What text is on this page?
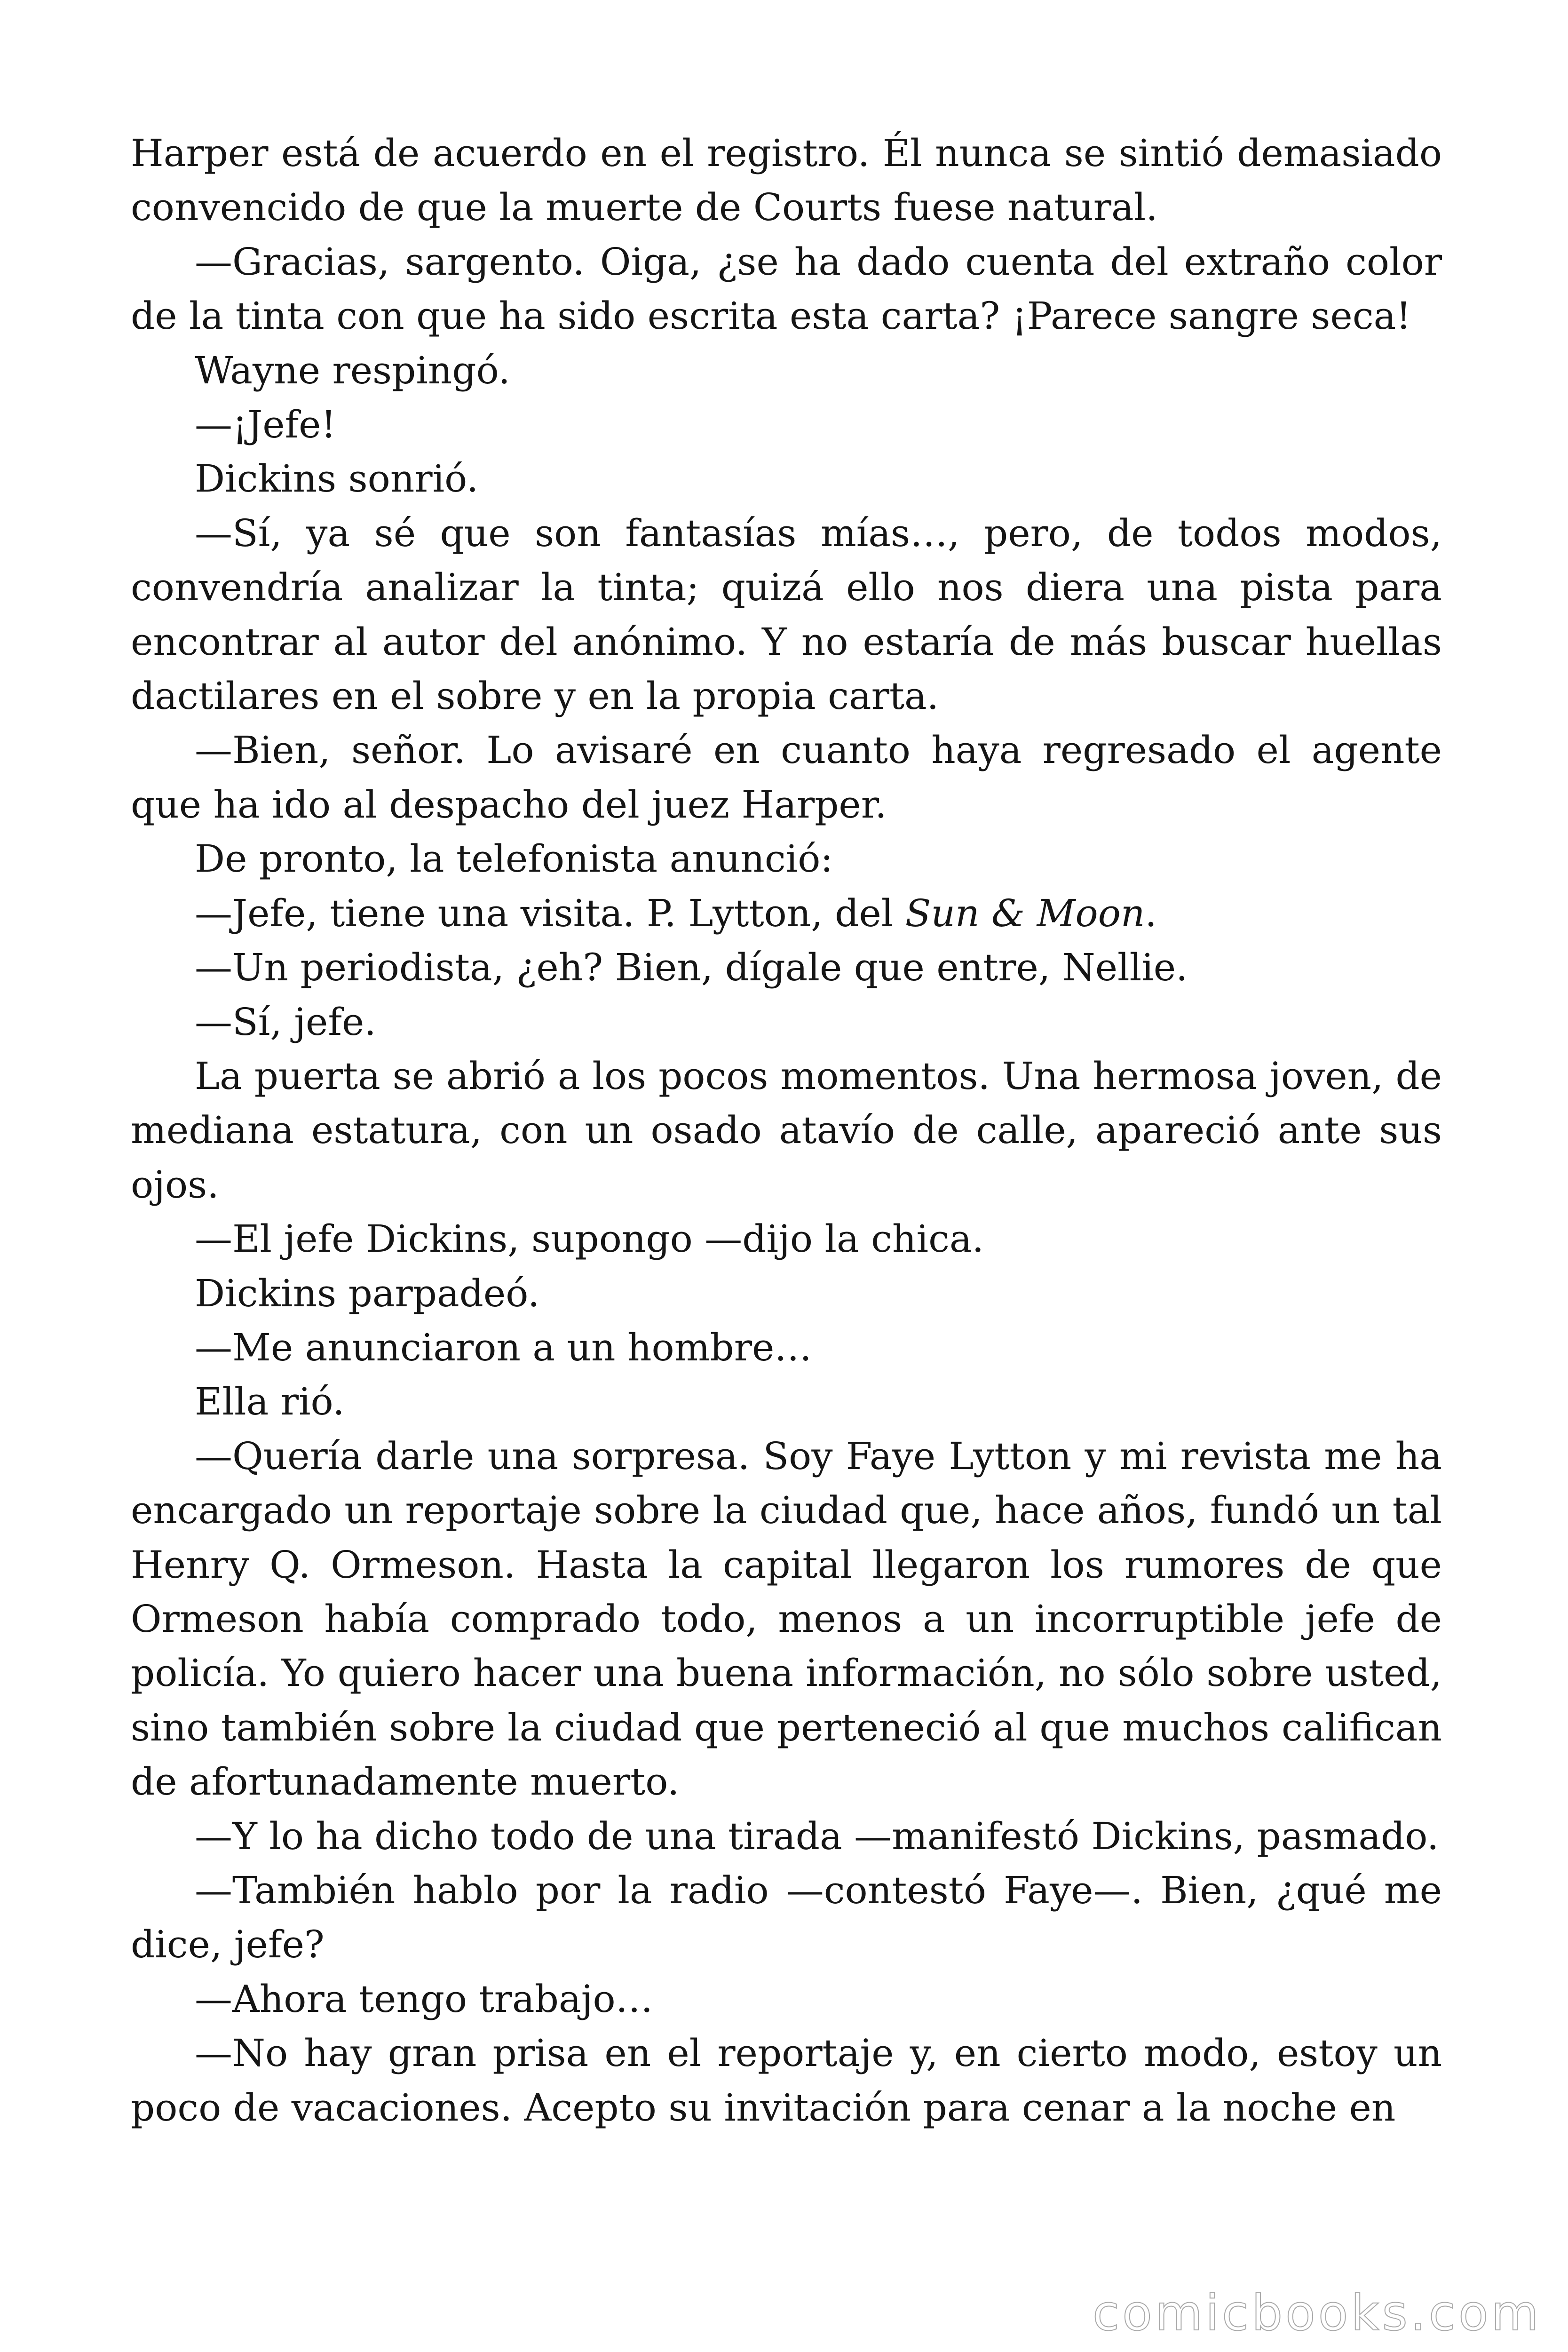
Harper está de acuerdo en el registro. Él nunca se sintió demasiado convencido de que la muerte de Courts fuese natural.

—Gracias, sargento. Oiga, ¿se ha dado cuenta del extraño color de la tinta con que ha sido escrita esta carta? ¡Parece sangre seca!

Wayne respingó.

—¡Jefe!

Dickins sonrió.

—Sí, ya sé que son fantasías mías…, pero, de todos modos, convendría analizar la tinta; quizá ello nos diera una pista para encontrar al autor del anónimo. Y no estaría de más buscar huellas dactilares en el sobre y en la propia carta.

—Bien, señor. Lo avisaré en cuanto haya regresado el agente que ha ido al despacho del juez Harper.

De pronto, la telefonista anunció:

—Jefe, tiene una visita. P. Lytton, del Sun & Moon.

—Un periodista, ¿eh? Bien, dígale que entre, Nellie.

—Sí, jefe.

La puerta se abrió a los pocos momentos. Una hermosa joven, de mediana estatura, con un osado atavío de calle, apareció ante sus ojos.

—El jefe Dickins, supongo —dijo la chica.

Dickins parpadeó.

—Me anunciaron a un hombre…

Ella rió.

—Quería darle una sorpresa. Soy Faye Lytton y mi revista me ha encargado un reportaje sobre la ciudad que, hace años, fundó un tal Henry Q. Ormeson. Hasta la capital llegaron los rumores de que Ormeson había comprado todo, menos a un incorruptible jefe de policía. Yo quiero hacer una buena información, no sólo sobre usted, sino también sobre la ciudad que perteneció al que muchos califican de afortunadamente muerto.

—Y lo ha dicho todo de una tirada —manifestó Dickins, pasmado.

—También hablo por la radio —contestó Faye—. Bien, ¿qué me dice, jefe?

—Ahora tengo trabajo…

—No hay gran prisa en el reportaje y, en cierto modo, estoy un poco de vacaciones. Acepto su invitación para cenar a la noche en

comicbooks.com
